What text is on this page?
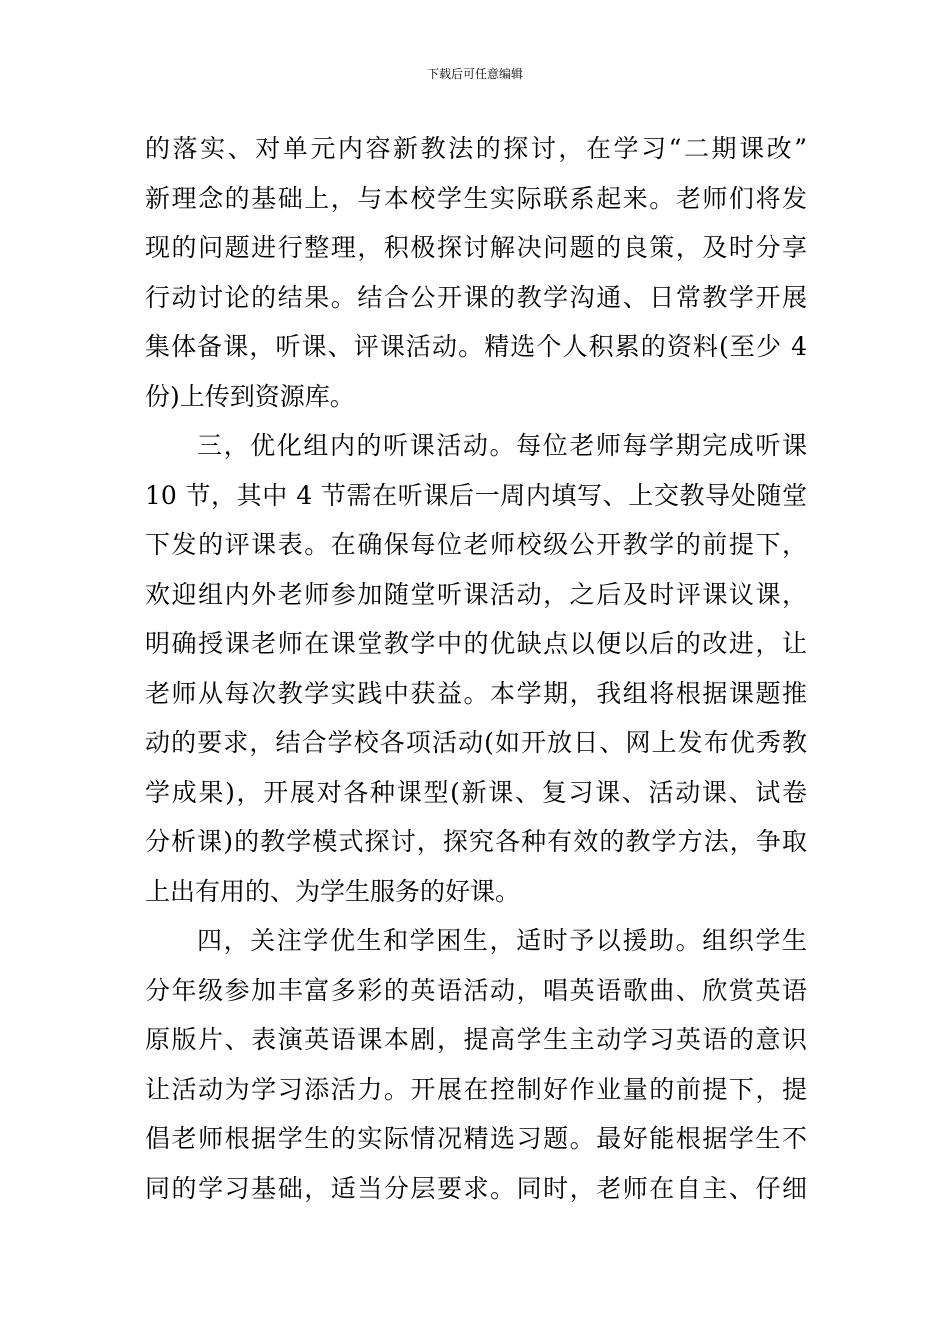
下载后可任意编辑
的落实、对单元内容新教法的探讨，在学习“二期课改”
新理念的基础上，与本校学生实际联系起来。老师们将发
现的问题进行整理，积极探讨解决问题的良策，及时分享
行动讨论的结果。结合公开课的教学沟通、日常教学开展
集体备课，听课、评课活动。精选个人积累的资料(至少 4
份)上传到资源库。
三，优化组内的听课活动。每位老师每学期完成听课
10 节，其中 4 节需在听课后一周内填写、上交教导处随堂
下发的评课表。在确保每位老师校级公开教学的前提下，
欢迎组内外老师参加随堂听课活动，之后及时评课议课，
明确授课老师在课堂教学中的优缺点以便以后的改进，让
老师从每次教学实践中获益。本学期，我组将根据课题推
动的要求，结合学校各项活动(如开放日、网上发布优秀教
学成果)，开展对各种课型(新课、复习课、活动课、试卷
分析课)的教学模式探讨，探究各种有效的教学方法，争取
上出有用的、为学生服务的好课。
四，关注学优生和学困生，适时予以援助。组织学生
分年级参加丰富多彩的英语活动，唱英语歌曲、欣赏英语
原版片、表演英语课本剧，提高学生主动学习英语的意识
让活动为学习添活力。开展在控制好作业量的前提下，提
倡老师根据学生的实际情况精选习题。最好能根据学生不
同的学习基础，适当分层要求。同时，老师在自主、仔细
